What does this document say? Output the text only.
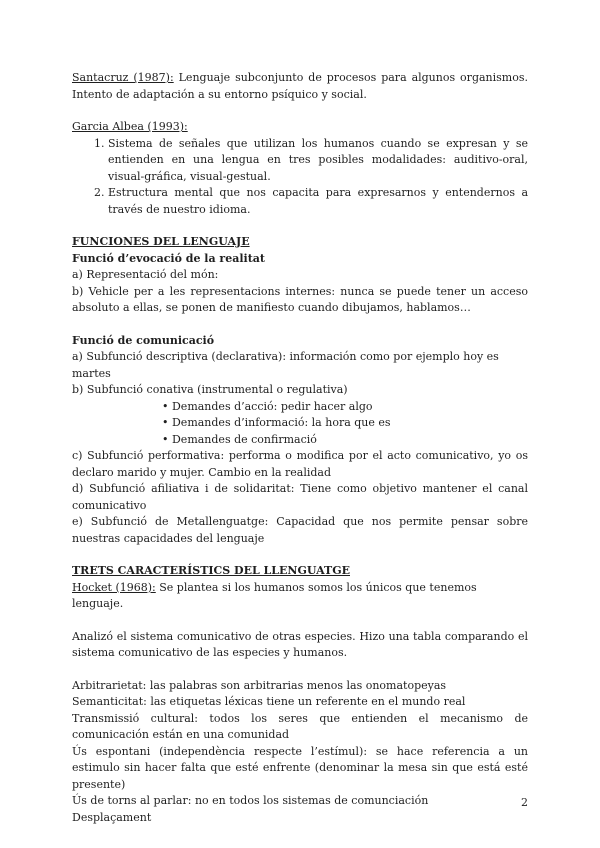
Santacruz (1987): Lenguaje subconjunto de procesos para algunos organismos. Intento de adaptación a su entorno psíquico y social.

Garcia Albea (1993):

1. Sistema de señales que utilizan los humanos cuando se expresan y se entienden en una lengua en tres posibles modalidades: auditivo-oral, visual-gráfica, visual-gestual.
2. Estructura mental que nos capacita para expresarnos y entendernos a través de nuestro idioma.

FUNCIONES DEL LENGUAJE

Funció d’evocació de la realitat

a) Representació del món:

b) Vehicle per a les representacions internes: nunca se puede tener un acceso absoluto a ellas, se ponen de manifiesto cuando dibujamos, hablamos…

Funció de comunicació

a) Subfunció descriptiva (declarativa): información como por ejemplo hoy es martes

b) Subfunció conativa (instrumental o regulativa)

• Demandes d’acció: pedir hacer algo

• Demandes d’informació: la hora que es

• Demandes de confirmació

c) Subfunció performativa: performa o modifica por el acto comunicativo, yo os declaro marido y mujer. Cambio en la realidad

d) Subfunció afiliativa i de solidaritat: Tiene como objetivo mantener el canal comunicativo

e) Subfunció de Metallenguatge: Capacidad que nos permite pensar sobre nuestras capacidades del lenguaje

TRETS CARACTERÍSTICS DEL LLENGUATGE

Hocket (1968): Se plantea si los humanos somos los únicos que tenemos lenguaje.

Analizó el sistema comunicativo de otras especies. Hizo una tabla comparando el sistema comunicativo de las especies y humanos.

Arbitrarietat: las palabras son arbitrarias menos las onomatopeyas

Semanticitat: las etiquetas léxicas tiene un referente en el mundo real

Transmissió cultural: todos los seres que entienden el mecanismo de comunicación están en una comunidad

Ús espontani (independència respecte l’estímul): se hace referencia a un estimulo sin hacer falta que esté enfrente (denominar la mesa sin que está esté presente)

Ús de torns al parlar: no en todos los sistemas de comunciación

Desplaçament

2
